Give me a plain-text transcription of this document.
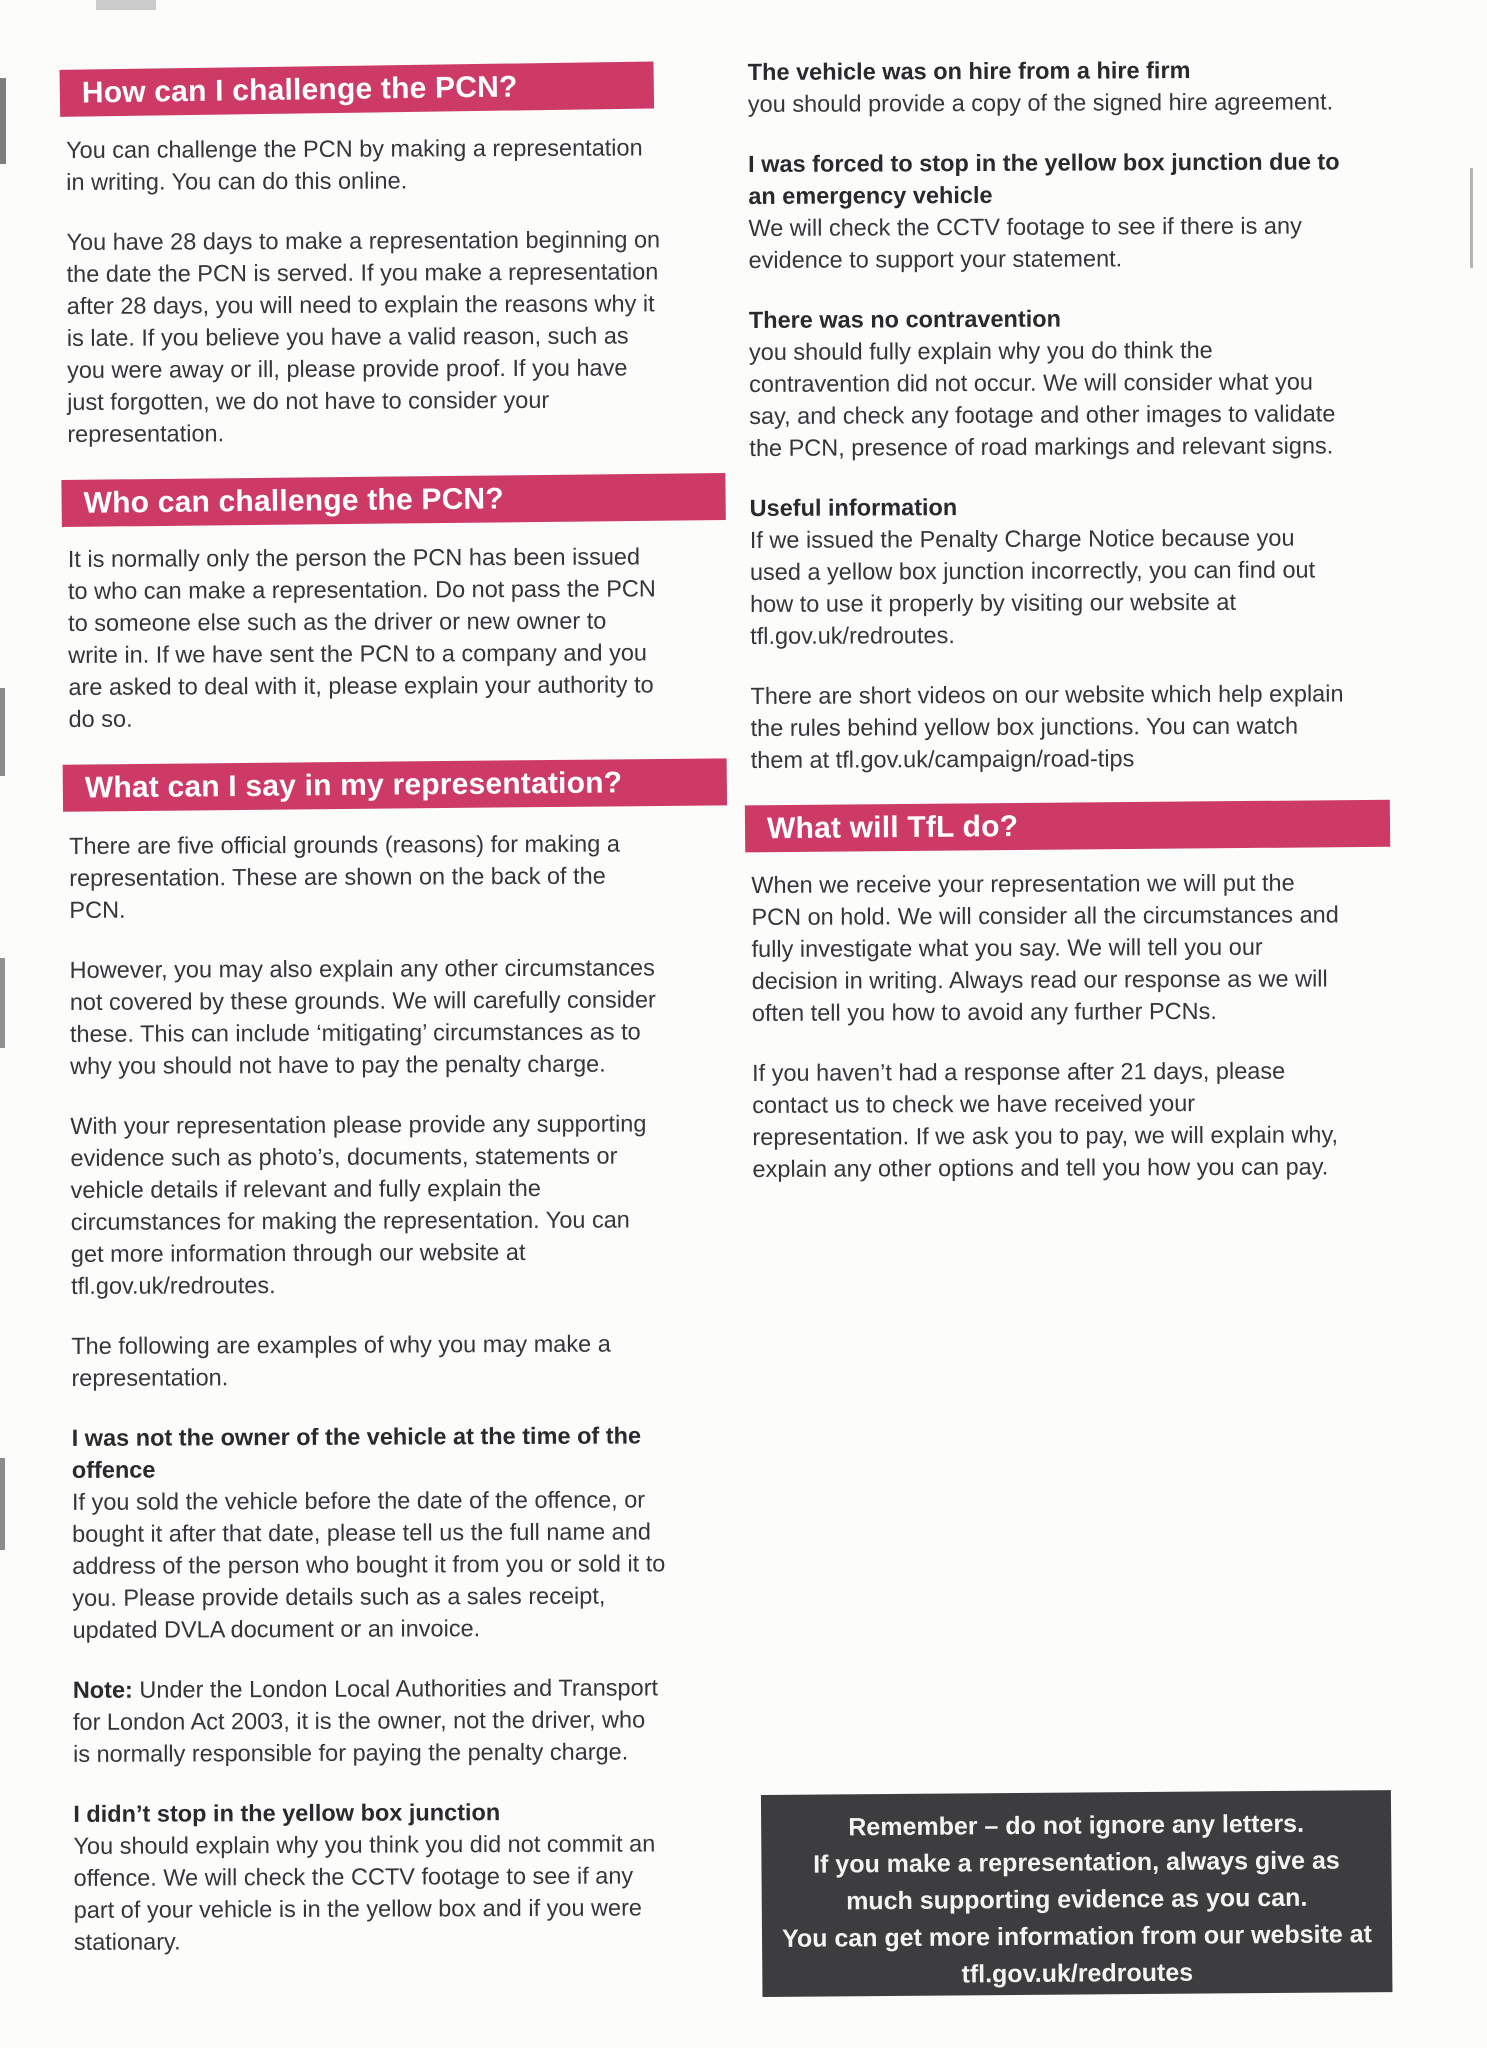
How can I challenge the PCN?

You can challenge the PCN by making a representation in writing. You can do this online.

You have 28 days to make a representation beginning on the date the PCN is served. If you make a representation after 28 days, you will need to explain the reasons why it is late. If you believe you have a valid reason, such as you were away or ill, please provide proof. If you have just forgotten, we do not have to consider your representation.

Who can challenge the PCN?

It is normally only the person the PCN has been issued to who can make a representation. Do not pass the PCN to someone else such as the driver or new owner to write in. If we have sent the PCN to a company and you are asked to deal with it, please explain your authority to do so.

What can I say in my representation?

There are five official grounds (reasons) for making a representation. These are shown on the back of the PCN.

However, you may also explain any other circumstances not covered by these grounds. We will carefully consider these. This can include ‘mitigating’ circumstances as to why you should not have to pay the penalty charge.

With your representation please provide any supporting evidence such as photo’s, documents, statements or vehicle details if relevant and fully explain the circumstances for making the representation. You can get more information through our website at tfl.gov.uk/redroutes.

The following are examples of why you may make a representation.

I was not the owner of the vehicle at the time of the offence

If you sold the vehicle before the date of the offence, or bought it after that date, please tell us the full name and address of the person who bought it from you or sold it to you. Please provide details such as a sales receipt, updated DVLA document or an invoice.

Note: Under the London Local Authorities and Transport for London Act 2003, it is the owner, not the driver, who is normally responsible for paying the penalty charge.

I didn’t stop in the yellow box junction

You should explain why you think you did not commit an offence. We will check the CCTV footage to see if any part of your vehicle is in the yellow box and if you were stationary.

The vehicle was on hire from a hire firm

you should provide a copy of the signed hire agreement.

I was forced to stop in the yellow box junction due to an emergency vehicle

We will check the CCTV footage to see if there is any evidence to support your statement.

There was no contravention

you should fully explain why you do think the contravention did not occur. We will consider what you say, and check any footage and other images to validate the PCN, presence of road markings and relevant signs.

Useful information

If we issued the Penalty Charge Notice because you used a yellow box junction incorrectly, you can find out how to use it properly by visiting our website at tfl.gov.uk/redroutes.

There are short videos on our website which help explain the rules behind yellow box junctions. You can watch them at tfl.gov.uk/campaign/road-tips

What will TfL do?

When we receive your representation we will put the PCN on hold. We will consider all the circumstances and fully investigate what you say. We will tell you our decision in writing. Always read our response as we will often tell you how to avoid any further PCNs.

If you haven’t had a response after 21 days, please contact us to check we have received your representation. If we ask you to pay, we will explain why, explain any other options and tell you how you can pay.

Remember – do not ignore any letters.

If you make a representation, always give as much supporting evidence as you can.

You can get more information from our website at tfl.gov.uk/redroutes
